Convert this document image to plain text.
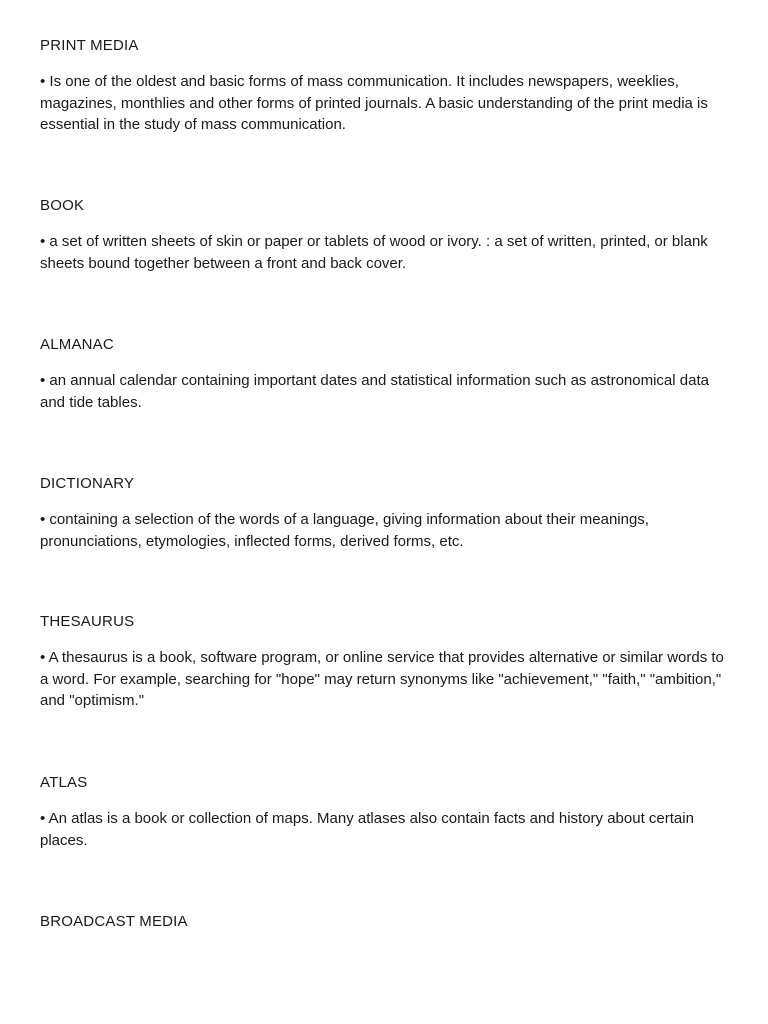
PRINT MEDIA

• Is one of the oldest and basic forms of mass communication. It includes newspapers, weeklies, magazines, monthlies and other forms of printed journals. A basic understanding of the print media is essential in the study of mass communication.

BOOK

• a set of written sheets of skin or paper or tablets of wood or ivory. : a set of written, printed, or blank sheets bound together between a front and back cover.

ALMANAC

• an annual calendar containing important dates and statistical information such as astronomical data and tide tables.

DICTIONARY

• containing a selection of the words of a language, giving information about their meanings, pronunciations, etymologies, inflected forms, derived forms, etc.

THESAURUS

• A thesaurus is a book, software program, or online service that provides alternative or similar words to a word. For example, searching for "hope" may return synonyms like "achievement," "faith," "ambition," and "optimism."

ATLAS

• An atlas is a book or collection of maps. Many atlases also contain facts and history about certain places.

BROADCAST MEDIA
